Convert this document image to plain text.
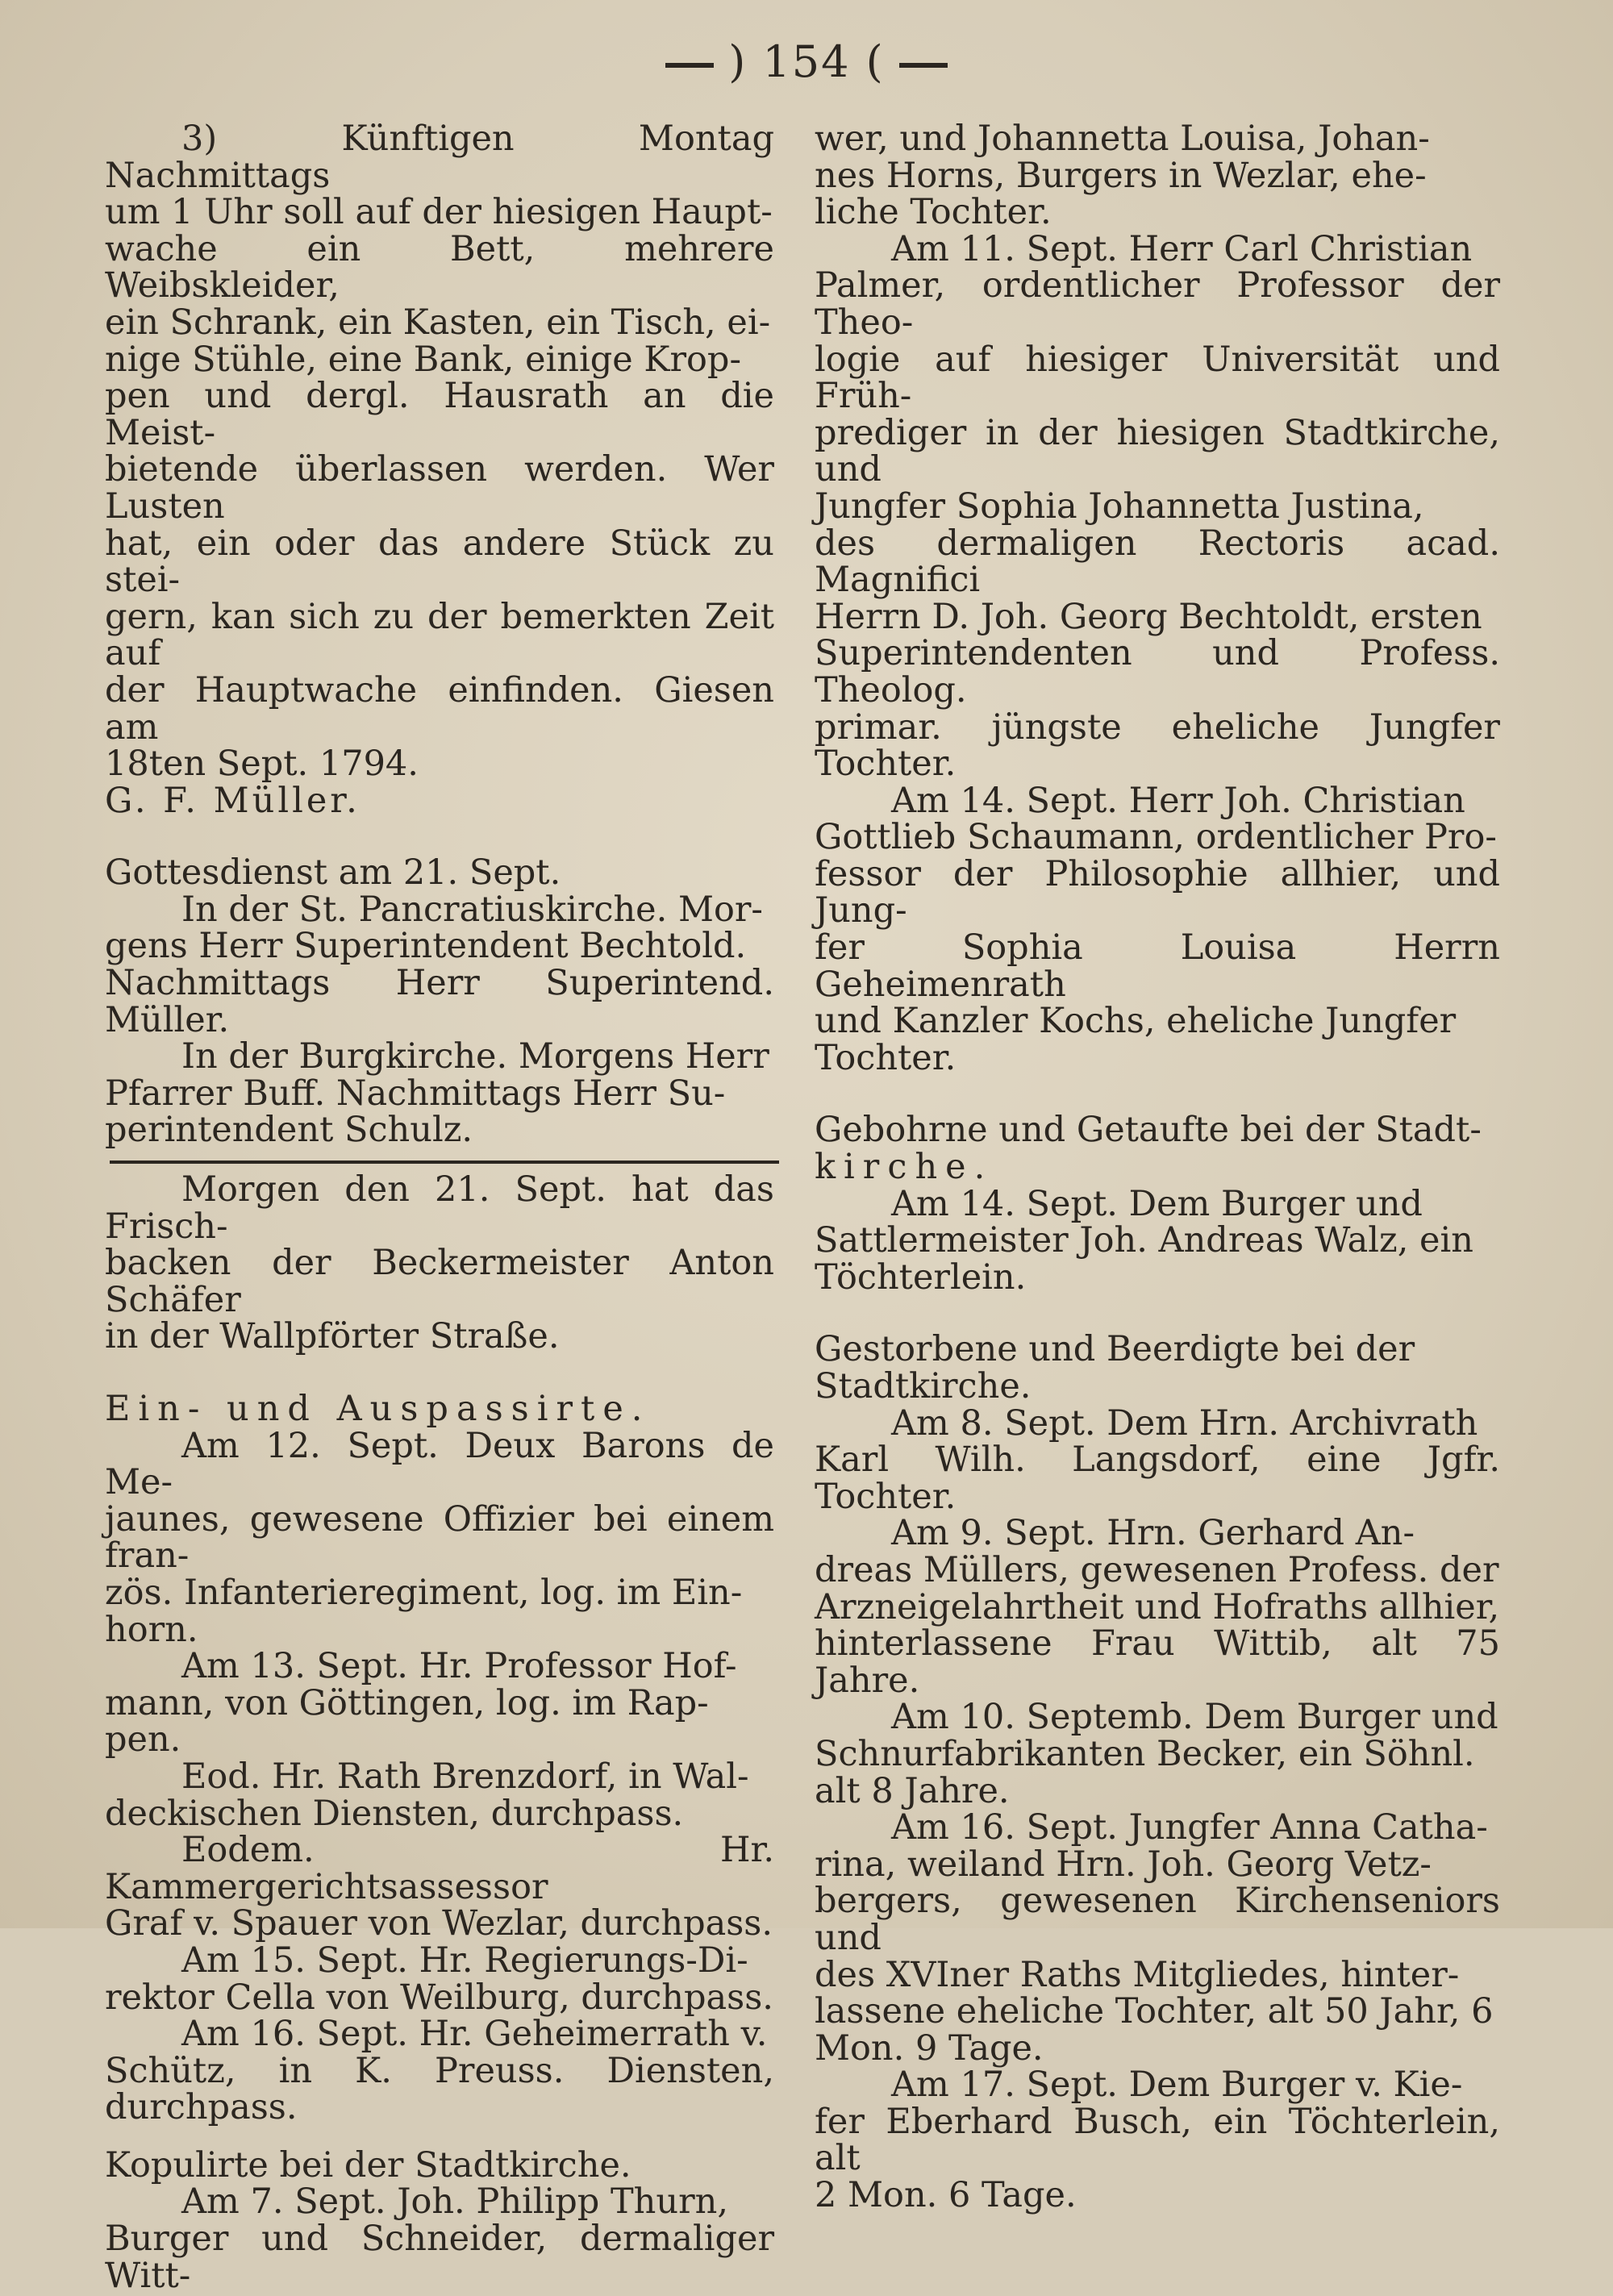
) 154 (

3) Künftigen Montag Nachmittags

um 1 Uhr soll auf der hiesigen Haupt-

wache ein Bett, mehrere Weibskleider,

ein Schrank, ein Kasten, ein Tisch, ei-

nige Stühle, eine Bank, einige Krop-

pen und dergl. Hausrath an die Meist-

bietende überlassen werden. Wer Lusten

hat, ein oder das andere Stück zu stei-

gern, kan sich zu der bemerkten Zeit auf

der Hauptwache einfinden. Giesen am

18ten Sept. 1794.

G. F. Müller.

Gottesdienst am 21. Sept.

In der St. Pancratiuskirche. Mor-

gens Herr Superintendent Bechtold.

Nachmittags Herr Superintend. Müller.

In der Burgkirche. Morgens Herr

Pfarrer Buff. Nachmittags Herr Su-

perintendent Schulz.

Morgen den 21. Sept. hat das Frisch-

backen der Beckermeister Anton Schäfer

in der Wallpförter Straße.

Ein- und Auspassirte.

Am 12. Sept. Deux Barons de Me-

jaunes, gewesene Offizier bei einem fran-

zös. Infanterieregiment, log. im Ein-

horn.

Am 13. Sept. Hr. Professor Hof-

mann, von Göttingen, log. im Rap-

pen.

Eod. Hr. Rath Brenzdorf, in Wal-

deckischen Diensten, durchpass.

Eodem. Hr. Kammergerichtsassessor

Graf v. Spauer von Wezlar, durchpass.

Am 15. Sept. Hr. Regierungs-Di-

rektor Cella von Weilburg, durchpass.

Am 16. Sept. Hr. Geheimerrath v.

Schütz, in K. Preuss. Diensten, durchpass.

Kopulirte bei der Stadtkirche.

Am 7. Sept. Joh. Philipp Thurn,

Burger und Schneider, dermaliger Witt-

wer, und Johannetta Louisa, Johan-

nes Horns, Burgers in Wezlar, ehe-

liche Tochter.

Am 11. Sept. Herr Carl Christian

Palmer, ordentlicher Professor der Theo-

logie auf hiesiger Universität und Früh-

prediger in der hiesigen Stadtkirche, und

Jungfer Sophia Johannetta Justina,

des dermaligen Rectoris acad. Magnifici

Herrn D. Joh. Georg Bechtoldt, ersten

Superintendenten und Profess. Theolog.

primar. jüngste eheliche Jungfer Tochter.

Am 14. Sept. Herr Joh. Christian

Gottlieb Schaumann, ordentlicher Pro-

fessor der Philosophie allhier, und Jung-

fer Sophia Louisa Herrn Geheimenrath

und Kanzler Kochs, eheliche Jungfer

Tochter.

Gebohrne und Getaufte bei der Stadt-

kirche.

Am 14. Sept. Dem Burger und

Sattlermeister Joh. Andreas Walz, ein

Töchterlein.

Gestorbene und Beerdigte bei der

Stadtkirche.

Am 8. Sept. Dem Hrn. Archivrath

Karl Wilh. Langsdorf, eine Jgfr. Tochter.

Am 9. Sept. Hrn. Gerhard An-

dreas Müllers, gewesenen Profess. der

Arzneigelahrtheit und Hofraths allhier,

hinterlassene Frau Wittib, alt 75 Jahre.

Am 10. Septemb. Dem Burger und

Schnurfabrikanten Becker, ein Söhnl.

alt 8 Jahre.

Am 16. Sept. Jungfer Anna Catha-

rina, weiland Hrn. Joh. Georg Vetz-

bergers, gewesenen Kirchenseniors und

des XVIner Raths Mitgliedes, hinter-

lassene eheliche Tochter, alt 50 Jahr, 6

Mon. 9 Tage.

Am 17. Sept. Dem Burger v. Kie-

fer Eberhard Busch, ein Töchterlein, alt

2 Mon. 6 Tage.
